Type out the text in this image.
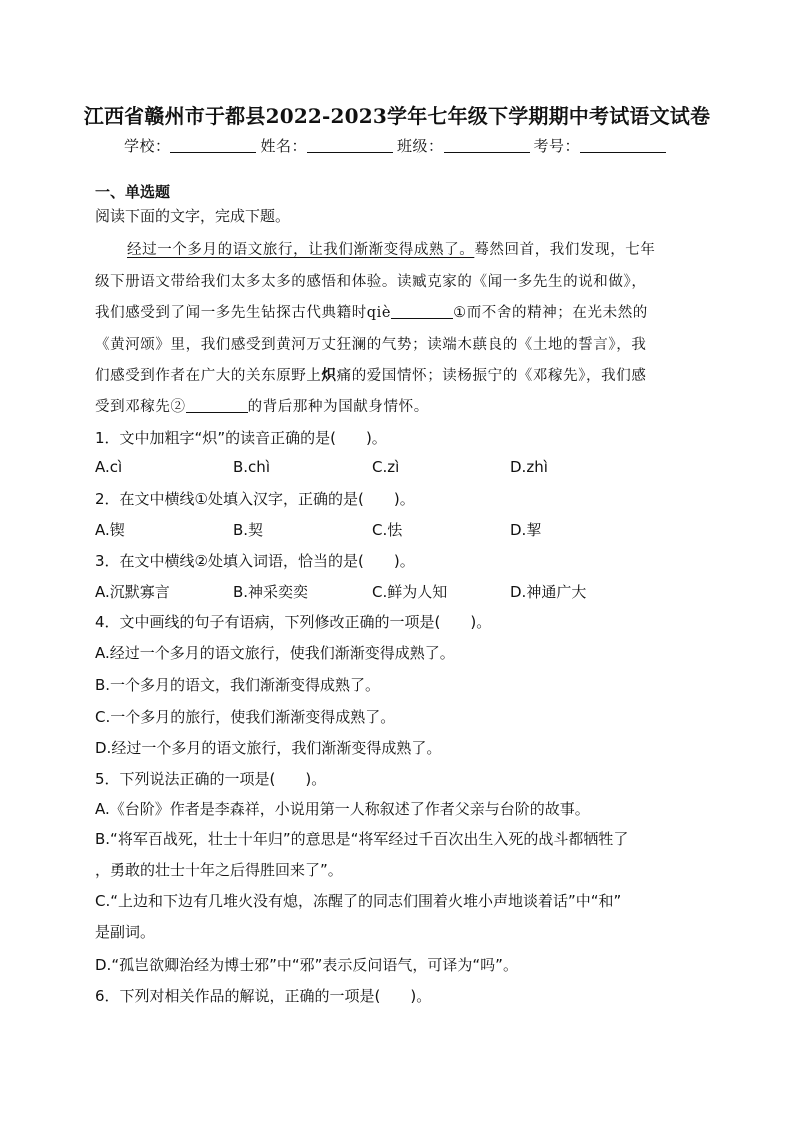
江西省赣州市于都县2022-2023学年七年级下学期期中考试语文试卷
学校：	姓名：	班级：	考号：
一、单选题
阅读下面的文字，完成下题。
经过一个多月的语文旅行，让我们渐渐变得成熟了。蓦然回首，我们发现，七年
级下册语文带给我们太多太多的感悟和体验。读臧克家的《闻一多先生的说和做》，
我们感受到了闻一多先生钻探古代典籍时qiè	①而不舍的精神；在光未然的
《黄河颂》里，我们感受到黄河万丈狂澜的气势；读端木蕻良的《土地的誓言》，我
们感受到作者在广大的关东原野上炽痛的爱国情怀；读杨振宁的《邓稼先》，我们感
受到邓稼先②	的背后那种为国献身情怀。
1．文中加粗字“炽”的读音正确的是( )。
A.cì	B.chì	C.zì	D.zhì
2．在文中横线①处填入汉字，正确的是( )。
A.锲	B.契	C.怯	D.挈
3．在文中横线②处填入词语，恰当的是( )。
A.沉默寡言	B.神采奕奕	C.鲜为人知	D.神通广大
4．文中画线的句子有语病，下列修改正确的一项是( )。
A.经过一个多月的语文旅行，使我们渐渐变得成熟了。
B.一个多月的语文，我们渐渐变得成熟了。
C.一个多月的旅行，使我们渐渐变得成熟了。
D.经过一个多月的语文旅行，我们渐渐变得成熟了。
5．下列说法正确的一项是( )。
A.《台阶》作者是李森祥，小说用第一人称叙述了作者父亲与台阶的故事。
B.“将军百战死，壮士十年归”的意思是“将军经过千百次出生入死的战斗都牺牲了
，勇敢的壮士十年之后得胜回来了”。
C.“上边和下边有几堆火没有熄，冻醒了的同志们围着火堆小声地谈着话”中“和”
是副词。
D.“孤岂欲卿治经为博士邪”中“邪”表示反问语气，可译为“吗”。
6．下列对相关作品的解说，正确的一项是( )。
